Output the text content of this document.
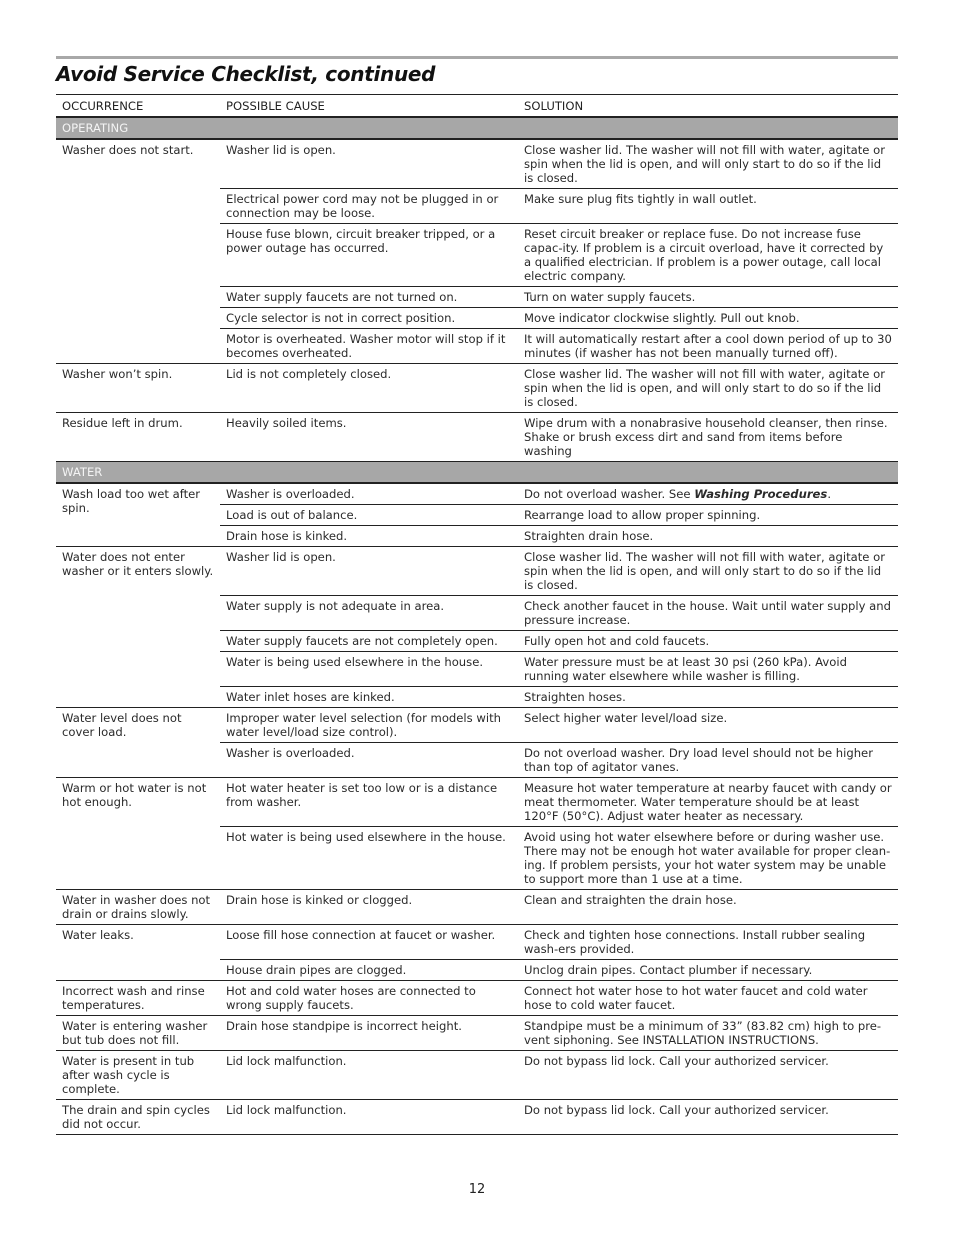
Avoid Service Checklist, continued
OCCURRENCE	POSSIBLE CAUSE	SOLUTION
OPERATING		
Washer does not start.	Washer lid is open.	Close washer lid. The washer will not fill with water, agitate or spin when the lid is open, and will only start to do so if the lid is closed.
	Electrical power cord may not be plugged in or connection may be loose.	Make sure plug fits tightly in wall outlet.
	House fuse blown, circuit breaker tripped, or a power outage has occurred.	Reset circuit breaker or replace fuse. Do not increase fuse capac-ity. If problem is a circuit overload, have it corrected by a qualified electrician. If problem is a power outage, call local electric company.
	Water supply faucets are not turned on.	Turn on water supply faucets.
	Cycle selector is not in correct position.	Move indicator clockwise slightly. Pull out knob.
	Motor is overheated. Washer motor will stop if it becomes overheated.	It will automatically restart after a cool down period of up to 30 minutes (if washer has not been manually turned off).
Washer won’t spin.	Lid is not completely closed.	Close washer lid. The washer will not fill with water, agitate or spin when the lid is open, and will only start to do so if the lid is closed.
Residue left in drum.	Heavily soiled items.	Wipe drum with a nonabrasive household cleanser, then rinse. Shake or brush excess dirt and sand from items before washing
WATER		
Wash load too wet after spin.	Washer is overloaded.	Do not overload washer. See Washing Procedures.
	Load is out of balance.	Rearrange load to allow proper spinning.
	Drain hose is kinked.	Straighten drain hose.
Water does not enter washer or it enters slowly.	Washer lid is open.	Close washer lid. The washer will not fill with water, agitate or spin when the lid is open, and will only start to do so if the lid is closed.
	Water supply is not adequate in area.	Check another faucet in the house. Wait until water supply and pressure increase.
	Water supply faucets are not completely open.	Fully open hot and cold faucets.
	Water is being used elsewhere in the house.	Water pressure must be at least 30 psi (260 kPa). Avoid running water elsewhere while washer is filling.
	Water inlet hoses are kinked.	Straighten hoses.
Water level does not cover load.	Improper water level selection (for models with water level/load size control).	Select higher water level/load size.
	Washer is overloaded.	Do not overload washer. Dry load level should not be higher than top of agitator vanes.
Warm or hot water is not hot enough.	Hot water heater is set too low or is a distance from washer.	Measure hot water temperature at nearby faucet with candy or meat thermometer. Water temperature should be at least 120°F (50°C). Adjust water heater as necessary.
	Hot water is being used elsewhere in the house.	Avoid using hot water elsewhere before or during washer use. There may not be enough hot water available for proper clean-ing. If problem persists, your hot water system may be unable to support more than 1 use at a time.
Water in washer does not drain or drains slowly.	Drain hose is kinked or clogged.	Clean and straighten the drain hose.
Water leaks.	Loose fill hose connection at faucet or washer.	Check and tighten hose connections. Install rubber sealing wash-ers provided.
	House drain pipes are clogged.	Unclog drain pipes. Contact plumber if necessary.
Incorrect wash and rinse temperatures.	Hot and cold water hoses are connected to wrong supply faucets.	Connect hot water hose to hot water faucet and cold water hose to cold water faucet.
Water is entering washer but tub does not fill.	Drain hose standpipe is incorrect height.	Standpipe must be a minimum of 33” (83.82 cm) high to pre-vent siphoning. See INSTALLATION INSTRUCTIONS.
Water is present in tub after wash cycle is complete.	Lid lock malfunction.	Do not bypass lid lock. Call your authorized servicer.
The drain and spin cycles did not occur.	Lid lock malfunction.	Do not bypass lid lock. Call your authorized servicer.
12
